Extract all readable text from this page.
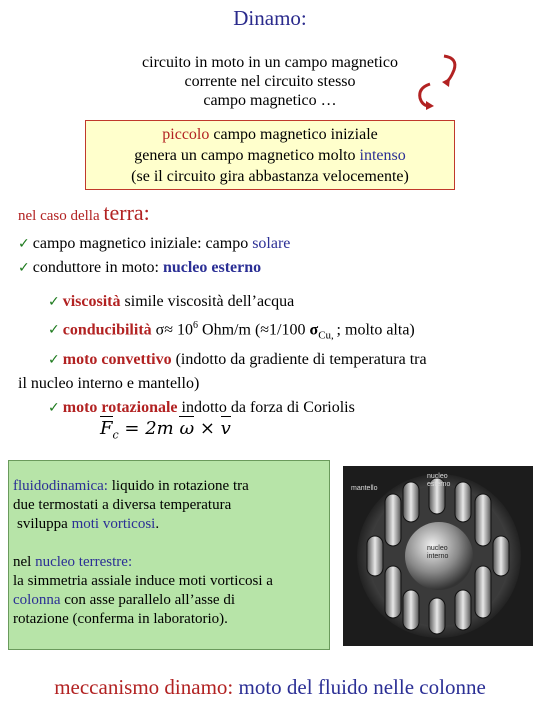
Dinamo:
circuito in moto in un campo magnetico
corrente nel circuito stesso
campo magnetico …
piccolo campo magnetico iniziale
genera un campo magnetico molto intenso
(se il circuito gira abbastanza velocemente)
nel caso della terra:
✓ campo magnetico iniziale: campo solare
✓ conduttore in moto: nucleo esterno
✓ viscosità simile viscosità dell’acqua
✓ conducibilità $\sigma\approx 10^6$ Ohm/m (≈1/100 $\sigma_{Cu,}$ ; molto alta)
✓ moto convettivo (indotto da gradiente di temperatura tra
il nucleo interno e mantello)
✓ moto rotazionale indotto da forza di Coriolis
$F_c = 2m$ ω × v

fluidodinamica: liquido in rotazione tra

due termostati a diversa temperatura

sviluppa moti vorticosi.

nel nucleo terrestre:

la simmetria assiale induce moti vorticosi a

colonna con asse parallelo all’asse di

rotazione (conferma in laboratorio).

mantello
nucleo
esterno
nucleo
interno
meccanismo dinamo: moto del fluido nelle colonne
